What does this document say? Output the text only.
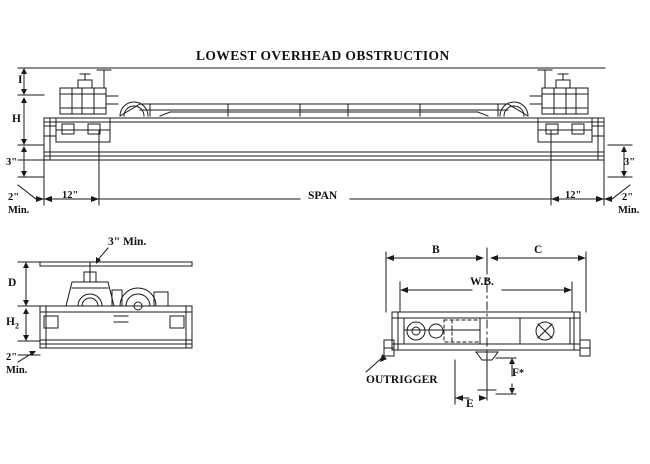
LOWEST OVERHEAD OBSTRUCTION
I
H
3"	3"
12"	12"
SPAN
2"
Min.
2"
Min.
3" Min.
D
$H_2$
2"
Min.
B	C
W.B.
OUTRIGGER
E
F*
